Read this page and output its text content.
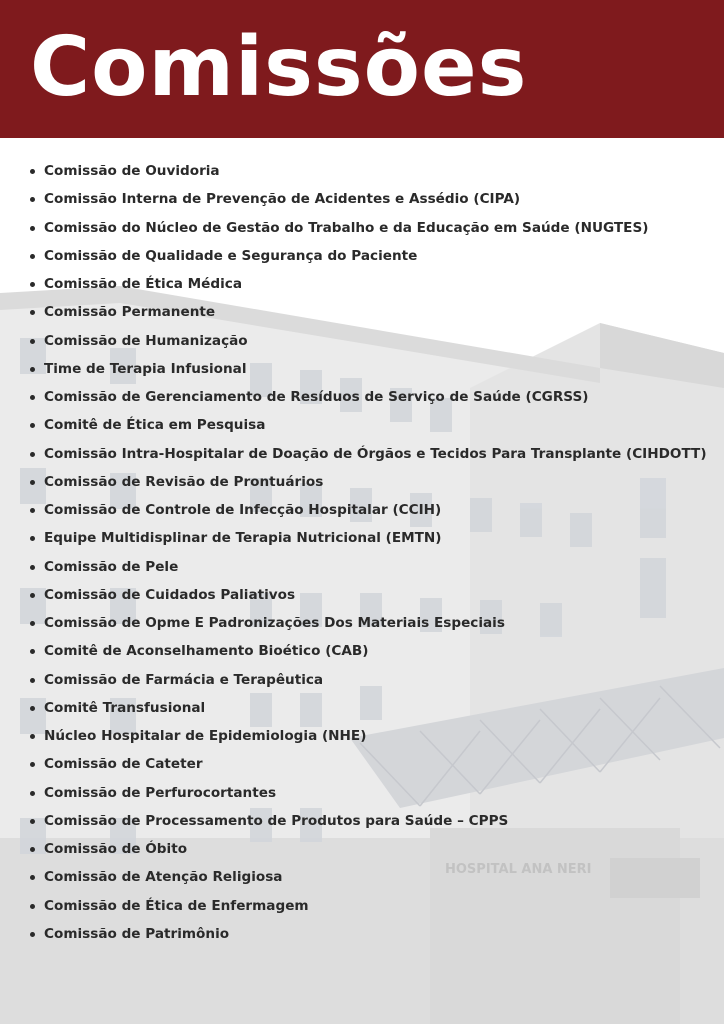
Comissões
HOSPITAL ANA NERI
Comissão de Ouvidoria
Comissão Interna de Prevenção de Acidentes e Assédio (CIPA)
Comissão do Núcleo de Gestão do Trabalho e da Educação em Saúde (NUGTES)
Comissão de Qualidade e Segurança do Paciente
Comissão de Ética Médica
Comissão Permanente
Comissão de Humanização
Time de Terapia Infusional
Comissão de Gerenciamento de Resíduos de Serviço de Saúde (CGRSS)
Comitê de Ética em Pesquisa
Comissão Intra-Hospitalar de Doação de Órgãos e Tecidos Para Transplante (CIHDOTT)
Comissão de Revisão de Prontuários
Comissão de Controle de Infecção Hospitalar (CCIH)
Equipe Multidisplinar de Terapia Nutricional (EMTN)
Comissão de Pele
Comissão de Cuidados Paliativos
Comissão de Opme E Padronizações Dos Materiais Especiais
Comitê de Aconselhamento Bioético (CAB)
Comissão de Farmácia e Terapêutica
Comitê Transfusional
Núcleo Hospitalar de Epidemiologia (NHE)
Comissão de Cateter
Comissão de Perfurocortantes
Comissão de Processamento de Produtos para Saúde – CPPS
Comissão de Óbito
Comissão de Atenção Religiosa
Comissão de Ética de Enfermagem
Comissão de Patrimônio
